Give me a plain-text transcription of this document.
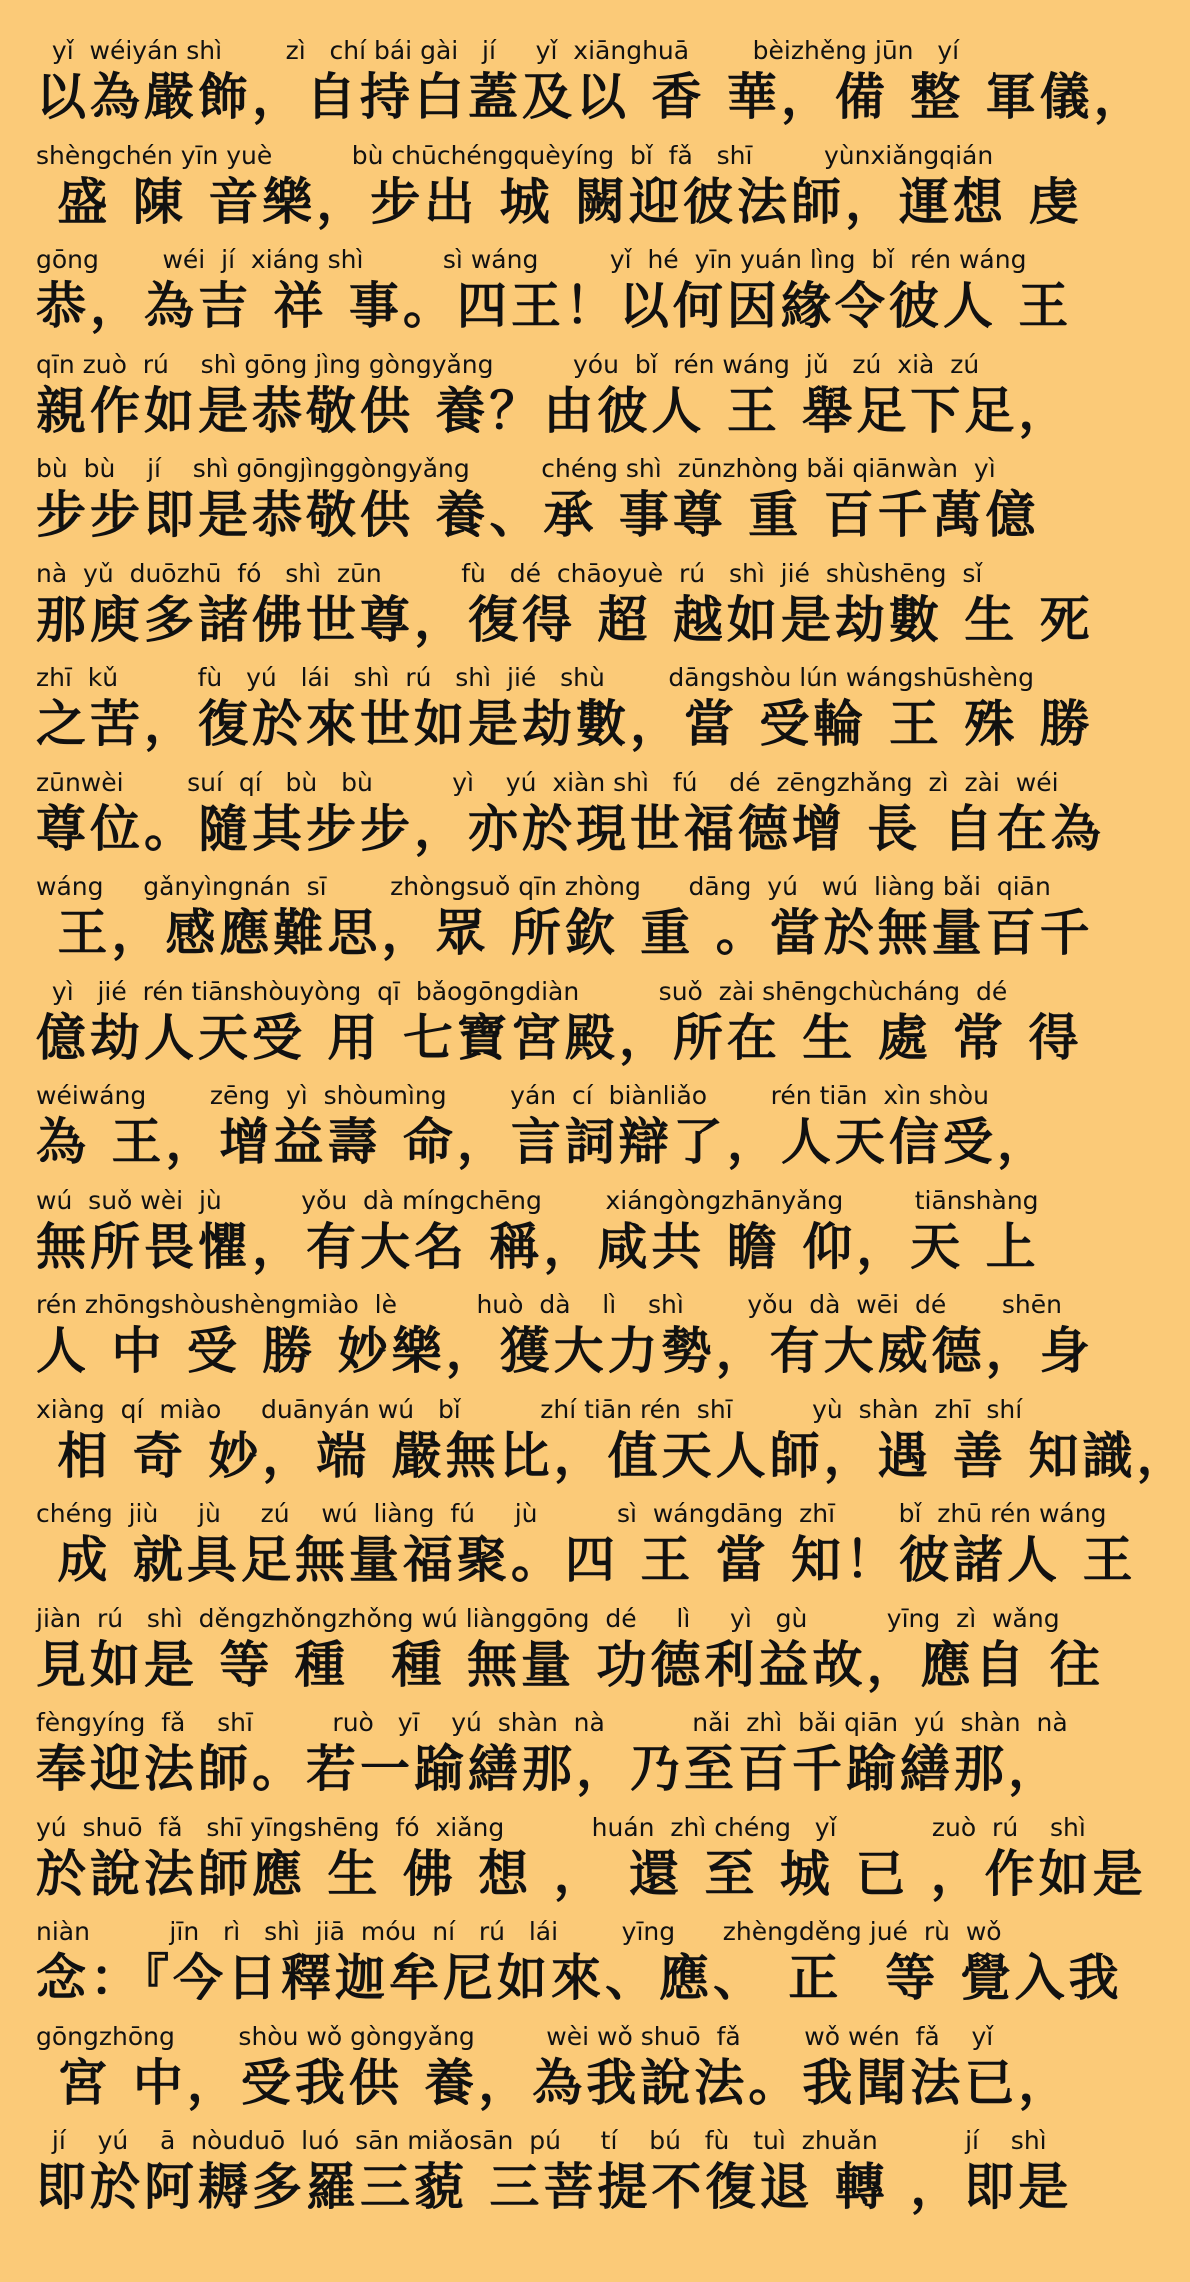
yǐ  wéiyán shì        zì   chí bái gài   jí     yǐ  xiānghuā        bèizhěng jūn   yí
以為嚴飾，自持白蓋及以 香 華，備 整 軍儀，
shèngchén yīn yuè          bù chūchéngquèyíng  bǐ  fǎ   shī         yùnxiǎngqián
盛 陳 音樂，步出 城 闕迎彼法師，運想 虔
gōng        wéi  jí  xiáng shì          sì wáng         yǐ  hé  yīn yuán lìng  bǐ  rén wáng
恭，為吉 祥 事。四王！以何因緣令彼人 王
qīn zuò  rú    shì gōng jìng gòngyǎng          yóu  bǐ  rén wáng  jǔ   zú  xià  zú
親作如是恭敬供 養？由彼人 王 舉足下足，
bù  bù    jí    shì gōngjìnggòngyǎng         chéng shì  zūnzhòng bǎi qiānwàn  yì
步步即是恭敬供 養、承 事尊 重 百千萬億
nà  yǔ  duōzhū  fó   shì  zūn          fù   dé  chāoyuè  rú   shì  jié  shùshēng  sǐ
那庾多諸佛世尊，復得 超 越如是劫數 生 死
zhī  kǔ          fù   yú   lái   shì  rú   shì  jié   shù        dāngshòu lún wángshūshèng
之苦，復於來世如是劫數，當 受輪 王 殊 勝
zūnwèi        suí  qí   bù   bù          yì    yú  xiàn shì   fú    dé  zēngzhǎng  zì  zài  wéi
尊位。隨其步步，亦於現世福德增 長 自在為
wáng     gǎnyìngnán  sī        zhòngsuǒ qīn zhòng      dāng  yú   wú  liàng bǎi  qiān
王，感應難思，眾 所欽 重 。當於無量百千
yì   jié  rén tiānshòuyòng  qī  bǎogōngdiàn          suǒ  zài shēngchùcháng  dé
億劫人天受 用 七寶宮殿，所在 生 處 常 得
wéiwáng        zēng  yì  shòumìng        yán  cí  biànliǎo        rén tiān  xìn shòu
為 王，增益壽 命，言詞辯了，人天信受，
wú  suǒ wèi  jù          yǒu  dà míngchēng        xiángòngzhānyǎng         tiānshàng
無所畏懼，有大名 稱，咸共 瞻 仰，天 上
rén zhōngshòushèngmiào  lè          huò  dà    lì    shì        yǒu  dà  wēi  dé       shēn
人 中 受 勝 妙樂，獲大力勢，有大威德，身
xiàng  qí  miào     duānyán wú   bǐ          zhí tiān rén  shī          yù  shàn  zhī  shí
相 奇 妙，端 嚴無比，值天人師，遇 善 知識，
chéng  jiù     jù     zú    wú  liàng  fú     jù          sì  wángdāng  zhī        bǐ  zhū rén wáng
成 就具足無量福聚。四 王 當 知！彼諸人 王
jiàn  rú   shì  děngzhǒngzhǒng wú liànggōng  dé     lì     yì   gù          yīng  zì  wǎng
見如是 等 種  種 無量 功德利益故，應自 往
fèngyíng  fǎ    shī          ruò   yī    yú  shàn  nà           nǎi  zhì  bǎi qiān  yú  shàn  nà
奉迎法師。若一踰繕那，乃至百千踰繕那，
yú  shuō  fǎ   shī yīngshēng  fó  xiǎng           huán  zhì chéng   yǐ            zuò  rú    shì
於說法師應 生 佛 想 ， 還 至 城 已 ，作如是
niàn          jīn   rì   shì  jiā  móu  ní   rú   lái        yīng      zhèngděng jué  rù  wǒ
念：『今日釋迦牟尼如來、應、 正  等 覺入我
gōngzhōng        shòu wǒ gòngyǎng         wèi wǒ shuō  fǎ        wǒ wén  fǎ    yǐ
宮 中，受我供 養，為我說法。我聞法已，
jí    yú    ā  nòuduō  luó  sān miǎosān  pú     tí    bú   fù   tuì  zhuǎn           jí    shì
即於阿耨多羅三藐 三菩提不復退 轉 ，即是
